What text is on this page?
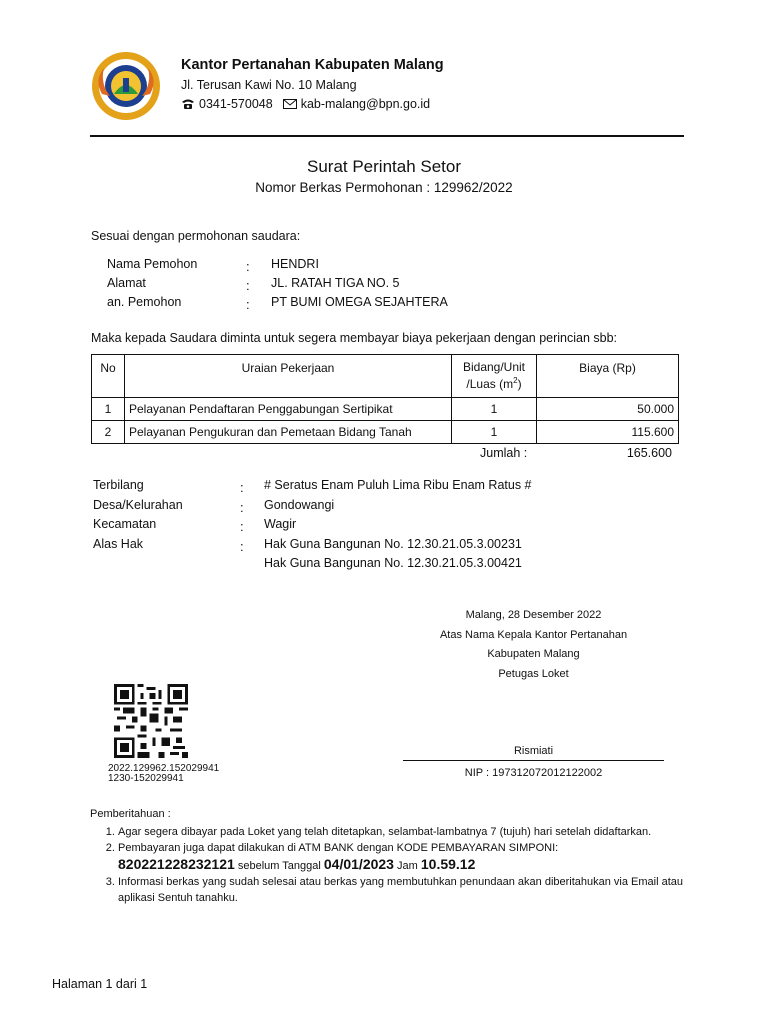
Kantor Pertanahan Kabupaten Malang
Jl. Terusan Kawi No. 10 Malang
0341-570048 kab-malang@bpn.go.id
Surat Perintah Setor
Nomor Berkas Permohonan : 129962/2022
Sesuai dengan permohonan saudara:
Nama Pemohon	: HENDRI
Alamat	: JL. RATAH TIGA NO. 5
an. Pemohon	: PT BUMI OMEGA SEJAHTERA
Maka kepada Saudara diminta untuk segera membayar biaya pekerjaan dengan perincian sbb:
No	Uraian Pekerjaan	Bidang/Unit
/Luas $(m^2)$	Biaya (Rp)
1	Pelayanan Pendaftaran Penggabungan Sertipikat	1	50.000
2	Pelayanan Pengukuran dan Pemetaan Bidang Tanah	1	115.600
Jumlah :	165.600
Terbilang	: # Seratus Enam Puluh Lima Ribu Enam Ratus #
Desa/Kelurahan	: Gondowangi
Kecamatan	: Wagir
Alas Hak	: Hak Guna Bangunan No. 12.30.21.05.3.00231
Hak Guna Bangunan No. 12.30.21.05.3.00421
Malang, 28 Desember 2022
Atas Nama Kepala Kantor Pertanahan
Kabupaten Malang
Petugas Loket
Rismiati
NIP : 197312072012122002
2022.129962.152029941
1230-152029941
Pemberitahuan :
1. Agar segera dibayar pada Loket yang telah ditetapkan, selambat-lambatnya 7 (tujuh) hari setelah didaftarkan.
2. Pembayaran juga dapat dilakukan di ATM BANK dengan KODE PEMBAYARAN SIMPONI:
820221228232121 sebelum Tanggal 04/01/2023 Jam 10.59.12
3. Informasi berkas yang sudah selesai atau berkas yang membutuhkan penundaan akan diberitahukan via Email atau aplikasi Sentuh tanahku.
Halaman 1 dari 1
